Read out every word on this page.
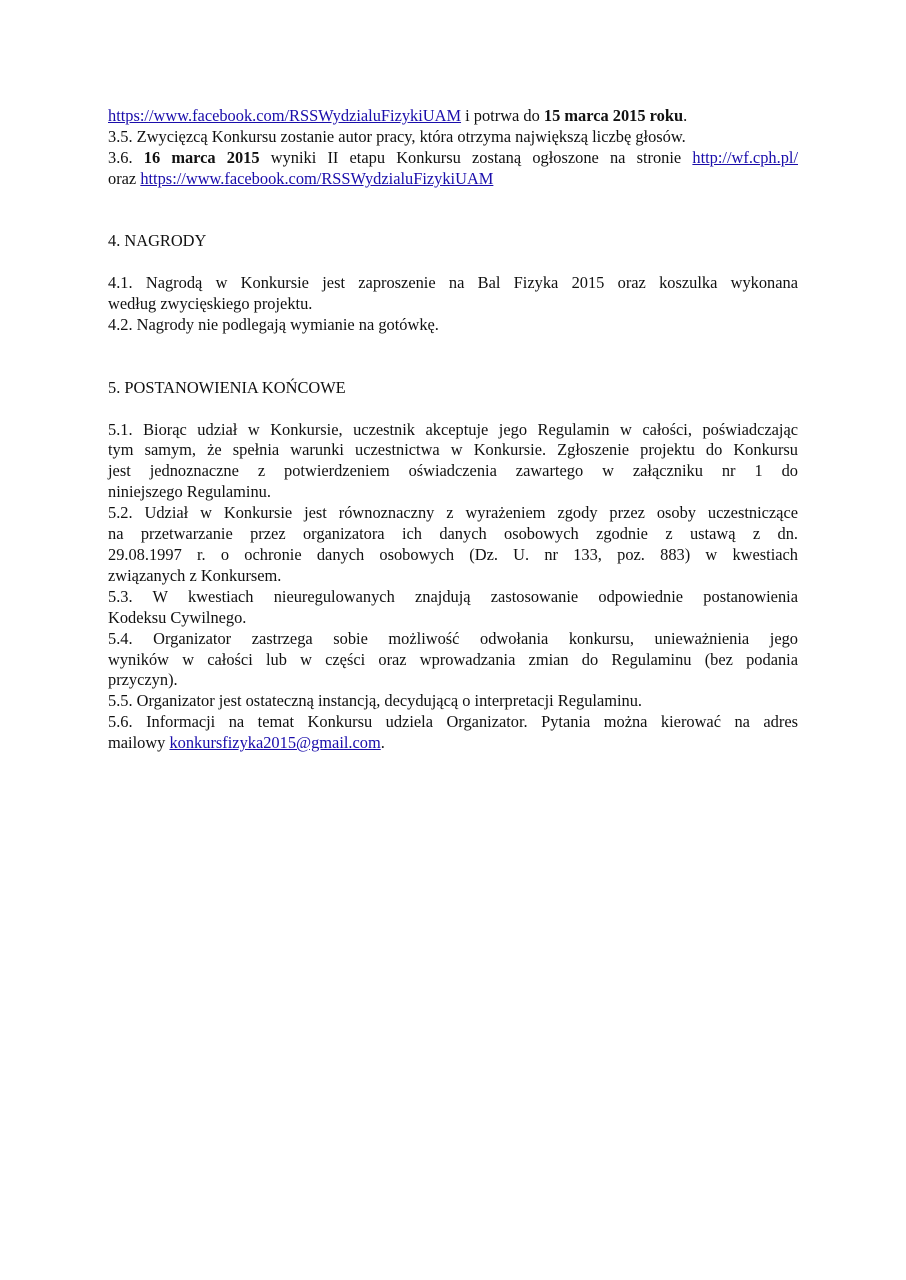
https://www.facebook.com/RSSWydzialuFizykiUAM i potrwa do 15 marca 2015 roku.

3.5. Zwycięzcą Konkursu zostanie autor pracy, która otrzyma największą liczbę głosów.

3.6. 16 marca 2015 wyniki II etapu Konkursu zostaną ogłoszone na stronie http://wf.cph.pl/

oraz https://www.facebook.com/RSSWydzialuFizykiUAM

4. NAGRODY

4.1. Nagrodą w Konkursie jest zaproszenie na Bal Fizyka 2015 oraz koszulka wykonana

według zwycięskiego projektu.

4.2. Nagrody nie podlegają wymianie na gotówkę.

5. POSTANOWIENIA KOŃCOWE

5.1. Biorąc udział w Konkursie, uczestnik akceptuje jego Regulamin w całości, poświadczając

tym samym, że spełnia warunki uczestnictwa w Konkursie. Zgłoszenie projektu do Konkursu

jest jednoznaczne z potwierdzeniem oświadczenia zawartego w załączniku nr 1 do

niniejszego Regulaminu.

5.2. Udział w Konkursie jest równoznaczny z wyrażeniem zgody przez osoby uczestniczące

na przetwarzanie przez organizatora ich danych osobowych zgodnie z ustawą z dn.

29.08.1997 r. o ochronie danych osobowych (Dz. U. nr 133, poz. 883) w kwestiach

związanych z Konkursem.

5.3. W kwestiach nieuregulowanych znajdują zastosowanie odpowiednie postanowienia

Kodeksu Cywilnego.

5.4. Organizator zastrzega sobie możliwość odwołania konkursu, unieważnienia jego

wyników w całości lub w części oraz wprowadzania zmian do Regulaminu (bez podania

przyczyn).

5.5. Organizator jest ostateczną instancją, decydującą o interpretacji Regulaminu.

5.6. Informacji na temat Konkursu udziela Organizator. Pytania można kierować na adres

mailowy konkursfizyka2015@gmail.com.
